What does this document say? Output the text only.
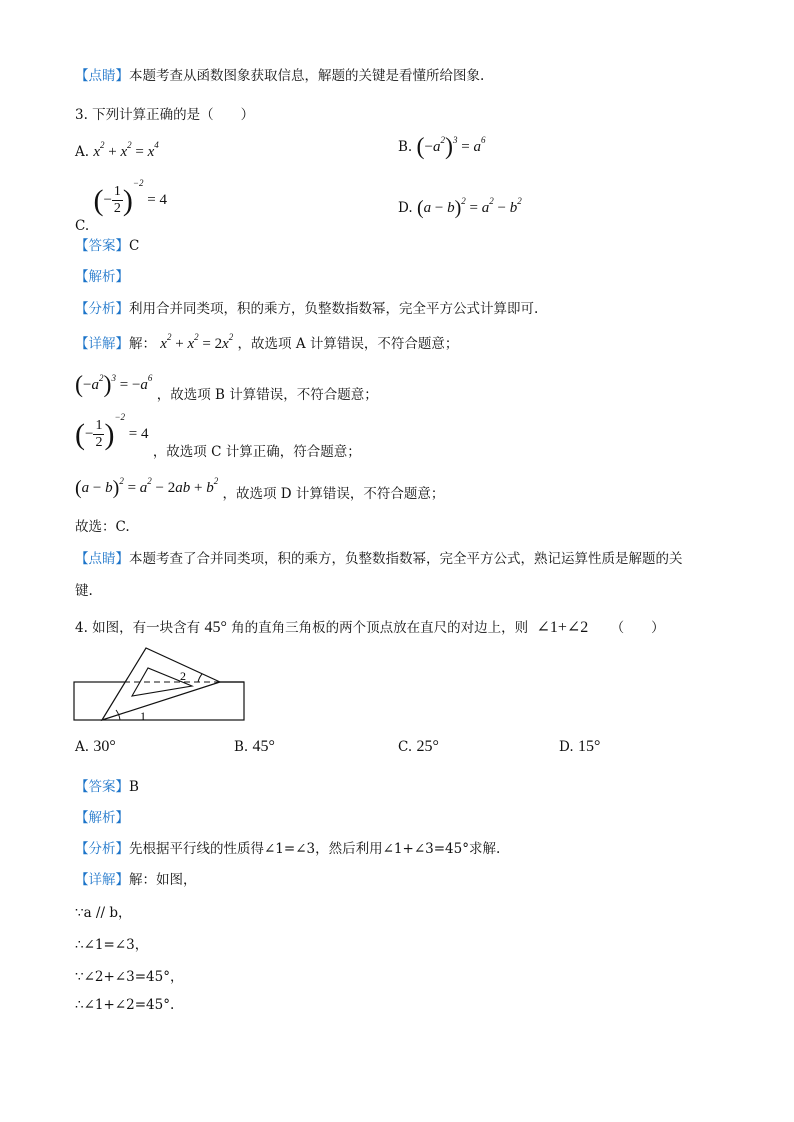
【点睛】本题考查从函数图象获取信息，解题的关键是看懂所给图象.
3. 下列计算正确的是（　　）
A. $x^2 + x^2 = x^4$	B. $(-a^2)^3 = a^6$
C. (− $\frac{1}{2} )^{-2} = 4$	D. $(a - b)^2 = a^2 - b^2$
【答案】C
【解析】
【分析】利用合并同类项，积的乘方，负整数指数幂，完全平方公式计算即可.
【详解】解： $x^2 + x^2 = 2x^2$ ，故选项 A 计算错误，不符合题意；
$(-a^2)^3 = -a^6$ ，故选项 B 计算错误，不符合题意；
(− $\frac{1}{2} )^{-2} = 4$ ，故选项 C 计算正确，符合题意；
$(a - b)^2 = a^2 - 2ab + b^2$ ，故选项 D 计算错误，不符合题意；
故选：C.
【点睛】本题考查了合并同类项，积的乘方，负整数指数幂，完全平方公式，熟记运算性质是解题的关
键.
4. 如图，有一块含有 45° 角的直角三角板的两个顶点放在直尺的对边上，则 ∠1+∠2 （　　）
1
2
A. 30°	B. 45°	C. 25°	D. 15°
【答案】B
【解析】
【分析】先根据平行线的性质得∠1=∠3，然后利用∠1+∠3=45°求解.
【详解】解：如图，
∵a // b，
∴∠1=∠3，
∵∠2+∠3=45°，
∴∠1+∠2=45°.
